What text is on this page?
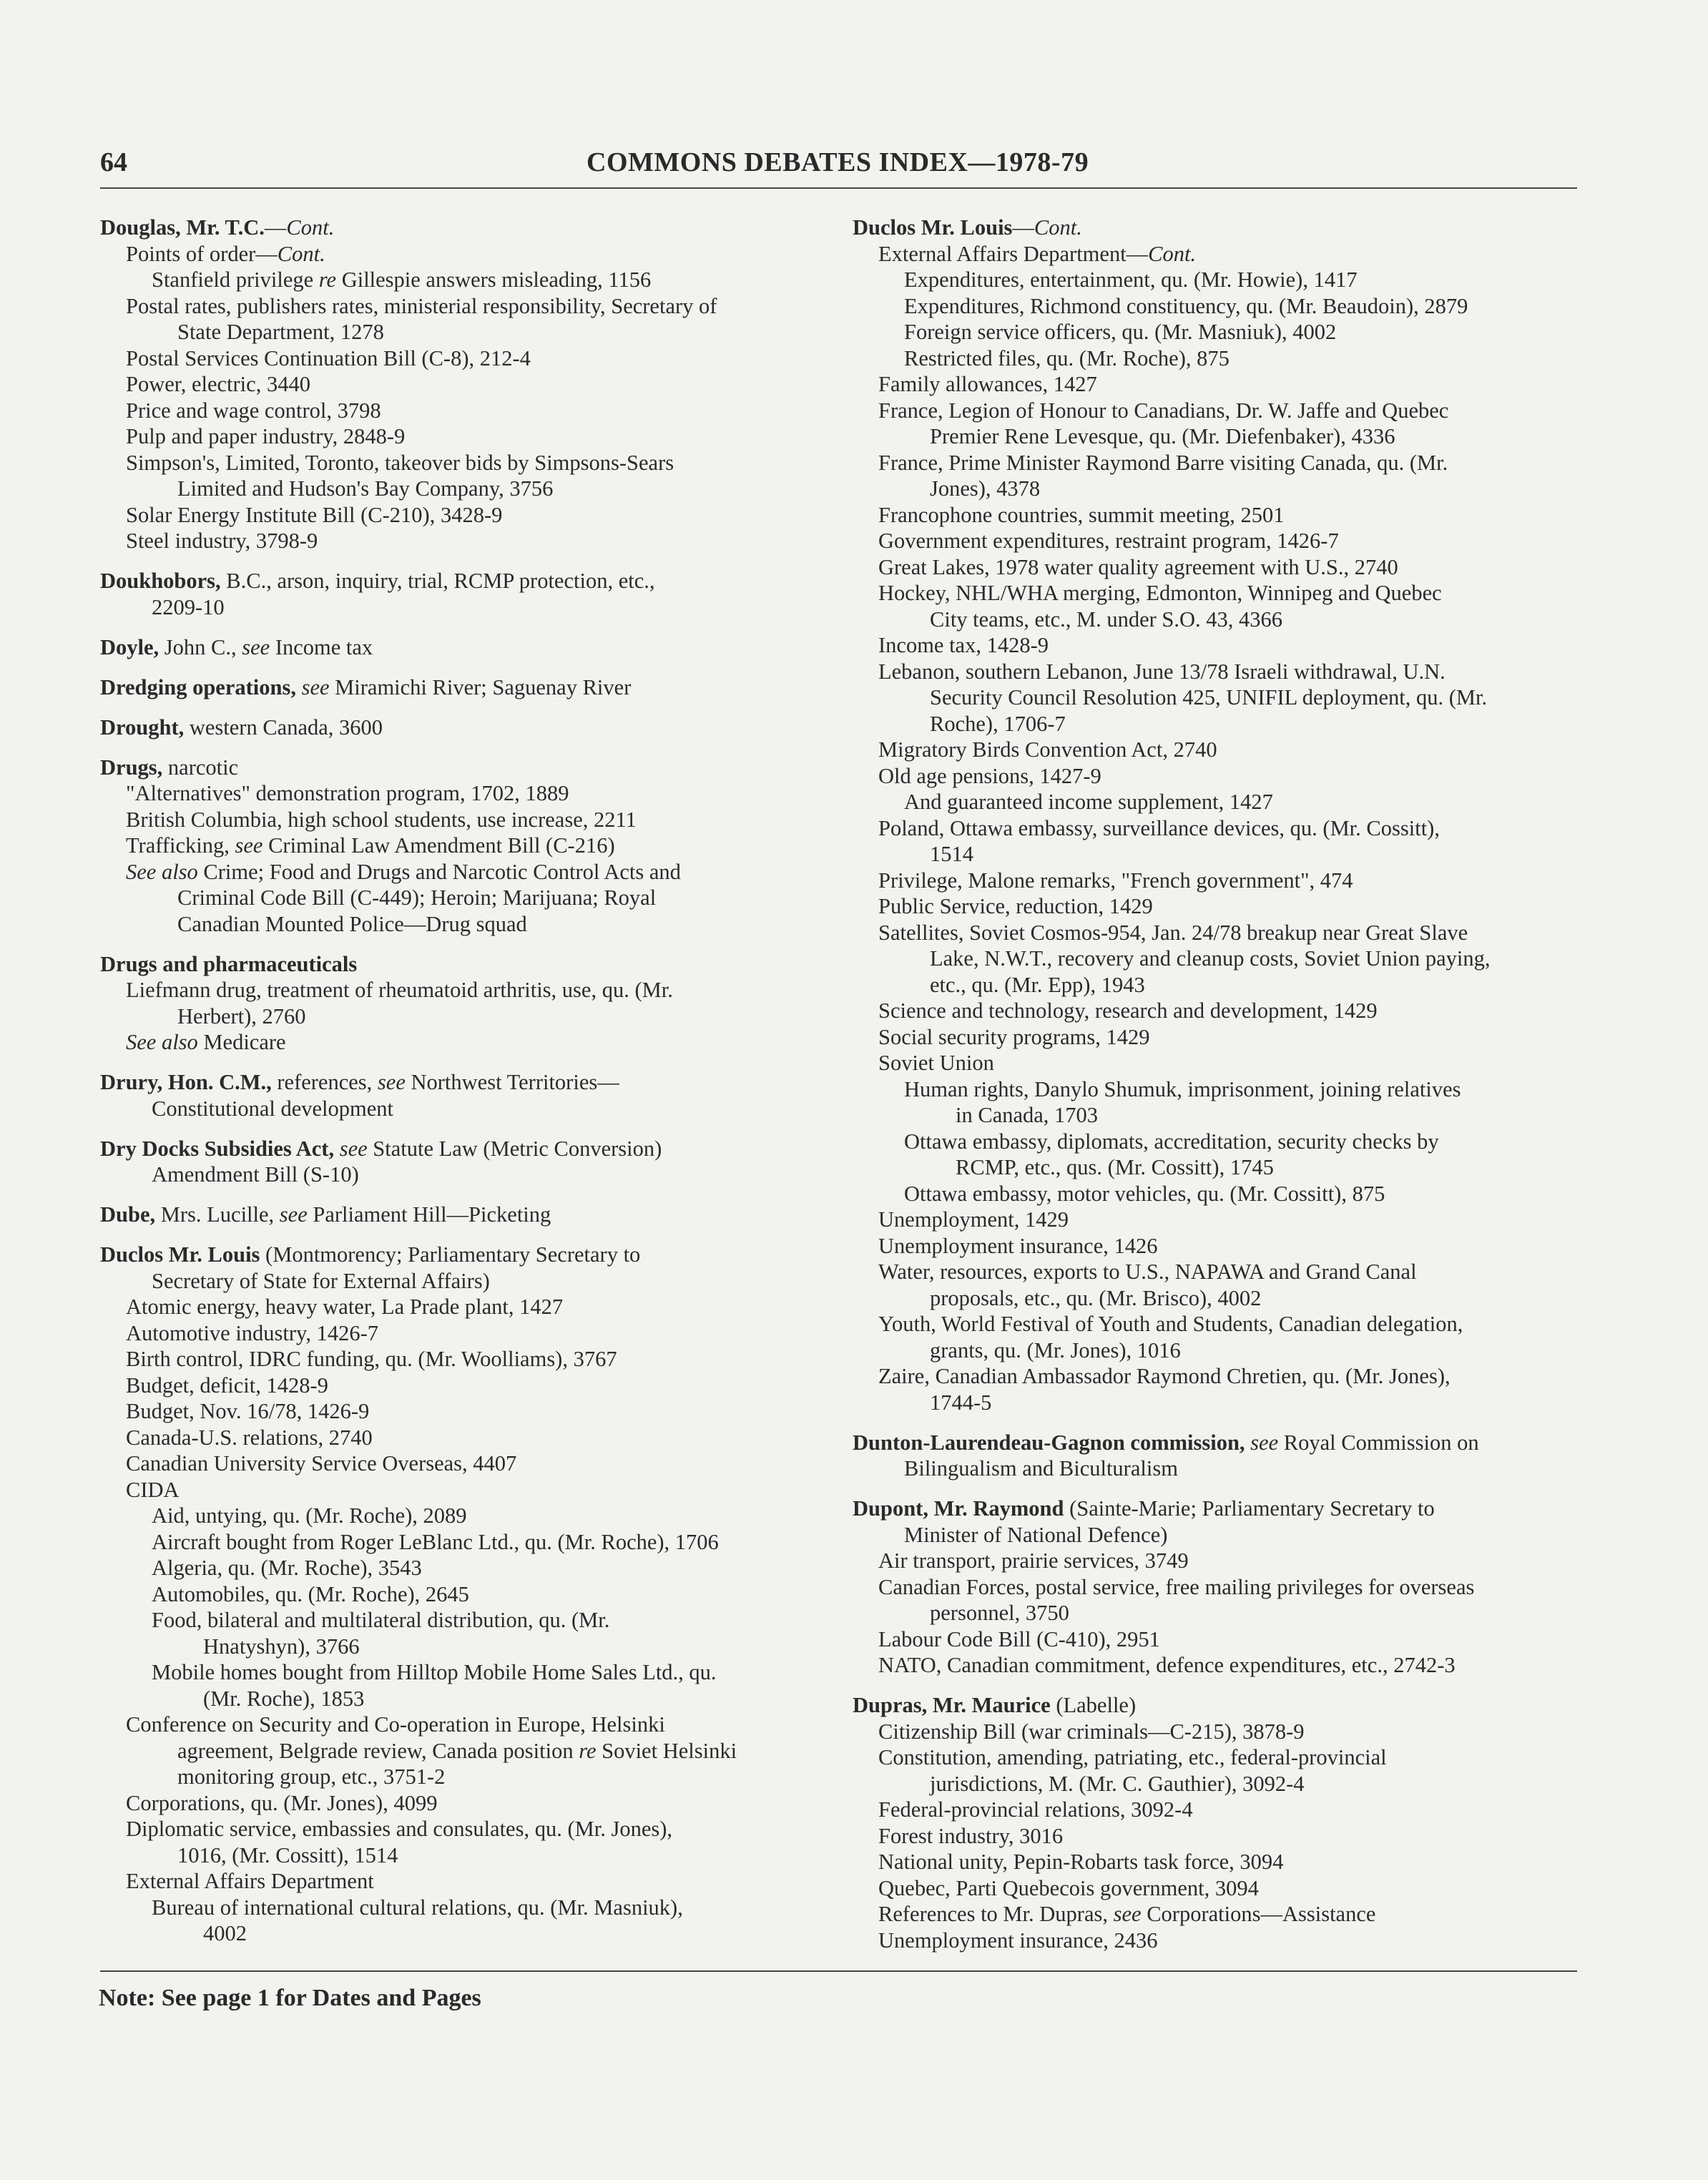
64	COMMONS DEBATES INDEX—1978-79
Douglas, Mr. T.C.—Cont.
Points of order—Cont.
Stanfield privilege re Gillespie answers misleading, 1156
Postal rates, publishers rates, ministerial responsibility, Secretary of
State Department, 1278
Postal Services Continuation Bill (C-8), 212-4
Power, electric, 3440
Price and wage control, 3798
Pulp and paper industry, 2848-9
Simpson's, Limited, Toronto, takeover bids by Simpsons-Sears
Limited and Hudson's Bay Company, 3756
Solar Energy Institute Bill (C-210), 3428-9
Steel industry, 3798-9
Doukhobors, B.C., arson, inquiry, trial, RCMP protection, etc.,
2209-10
Doyle, John C., see Income tax
Dredging operations, see Miramichi River; Saguenay River
Drought, western Canada, 3600
Drugs, narcotic
"Alternatives" demonstration program, 1702, 1889
British Columbia, high school students, use increase, 2211
Trafficking, see Criminal Law Amendment Bill (C-216)
See also Crime; Food and Drugs and Narcotic Control Acts and
Criminal Code Bill (C-449); Heroin; Marijuana; Royal
Canadian Mounted Police—Drug squad
Drugs and pharmaceuticals
Liefmann drug, treatment of rheumatoid arthritis, use, qu. (Mr.
Herbert), 2760
See also Medicare
Drury, Hon. C.M., references, see Northwest Territories—
Constitutional development
Dry Docks Subsidies Act, see Statute Law (Metric Conversion)
Amendment Bill (S-10)
Dube, Mrs. Lucille, see Parliament Hill—Picketing
Duclos Mr. Louis (Montmorency; Parliamentary Secretary to
Secretary of State for External Affairs)
Atomic energy, heavy water, La Prade plant, 1427
Automotive industry, 1426-7
Birth control, IDRC funding, qu. (Mr. Woolliams), 3767
Budget, deficit, 1428-9
Budget, Nov. 16/78, 1426-9
Canada-U.S. relations, 2740
Canadian University Service Overseas, 4407
CIDA
Aid, untying, qu. (Mr. Roche), 2089
Aircraft bought from Roger LeBlanc Ltd., qu. (Mr. Roche), 1706
Algeria, qu. (Mr. Roche), 3543
Automobiles, qu. (Mr. Roche), 2645
Food, bilateral and multilateral distribution, qu. (Mr.
Hnatyshyn), 3766
Mobile homes bought from Hilltop Mobile Home Sales Ltd., qu.
(Mr. Roche), 1853
Conference on Security and Co-operation in Europe, Helsinki
agreement, Belgrade review, Canada position re Soviet Helsinki
monitoring group, etc., 3751-2
Corporations, qu. (Mr. Jones), 4099
Diplomatic service, embassies and consulates, qu. (Mr. Jones),
1016, (Mr. Cossitt), 1514
External Affairs Department
Bureau of international cultural relations, qu. (Mr. Masniuk),
4002
Duclos Mr. Louis—Cont.
External Affairs Department—Cont.
Expenditures, entertainment, qu. (Mr. Howie), 1417
Expenditures, Richmond constituency, qu. (Mr. Beaudoin), 2879
Foreign service officers, qu. (Mr. Masniuk), 4002
Restricted files, qu. (Mr. Roche), 875
Family allowances, 1427
France, Legion of Honour to Canadians, Dr. W. Jaffe and Quebec
Premier Rene Levesque, qu. (Mr. Diefenbaker), 4336
France, Prime Minister Raymond Barre visiting Canada, qu. (Mr.
Jones), 4378
Francophone countries, summit meeting, 2501
Government expenditures, restraint program, 1426-7
Great Lakes, 1978 water quality agreement with U.S., 2740
Hockey, NHL/WHA merging, Edmonton, Winnipeg and Quebec
City teams, etc., M. under S.O. 43, 4366
Income tax, 1428-9
Lebanon, southern Lebanon, June 13/78 Israeli withdrawal, U.N.
Security Council Resolution 425, UNIFIL deployment, qu. (Mr.
Roche), 1706-7
Migratory Birds Convention Act, 2740
Old age pensions, 1427-9
And guaranteed income supplement, 1427
Poland, Ottawa embassy, surveillance devices, qu. (Mr. Cossitt),
1514
Privilege, Malone remarks, "French government", 474
Public Service, reduction, 1429
Satellites, Soviet Cosmos-954, Jan. 24/78 breakup near Great Slave
Lake, N.W.T., recovery and cleanup costs, Soviet Union paying,
etc., qu. (Mr. Epp), 1943
Science and technology, research and development, 1429
Social security programs, 1429
Soviet Union
Human rights, Danylo Shumuk, imprisonment, joining relatives
in Canada, 1703
Ottawa embassy, diplomats, accreditation, security checks by
RCMP, etc., qus. (Mr. Cossitt), 1745
Ottawa embassy, motor vehicles, qu. (Mr. Cossitt), 875
Unemployment, 1429
Unemployment insurance, 1426
Water, resources, exports to U.S., NAPAWA and Grand Canal
proposals, etc., qu. (Mr. Brisco), 4002
Youth, World Festival of Youth and Students, Canadian delegation,
grants, qu. (Mr. Jones), 1016
Zaire, Canadian Ambassador Raymond Chretien, qu. (Mr. Jones),
1744-5
Dunton-Laurendeau-Gagnon commission, see Royal Commission on
Bilingualism and Biculturalism
Dupont, Mr. Raymond (Sainte-Marie; Parliamentary Secretary to
Minister of National Defence)
Air transport, prairie services, 3749
Canadian Forces, postal service, free mailing privileges for overseas
personnel, 3750
Labour Code Bill (C-410), 2951
NATO, Canadian commitment, defence expenditures, etc., 2742-3
Dupras, Mr. Maurice (Labelle)
Citizenship Bill (war criminals—C-215), 3878-9
Constitution, amending, patriating, etc., federal-provincial
jurisdictions, M. (Mr. C. Gauthier), 3092-4
Federal-provincial relations, 3092-4
Forest industry, 3016
National unity, Pepin-Robarts task force, 3094
Quebec, Parti Quebecois government, 3094
References to Mr. Dupras, see Corporations—Assistance
Unemployment insurance, 2436
Note: See page 1 for Dates and Pages
